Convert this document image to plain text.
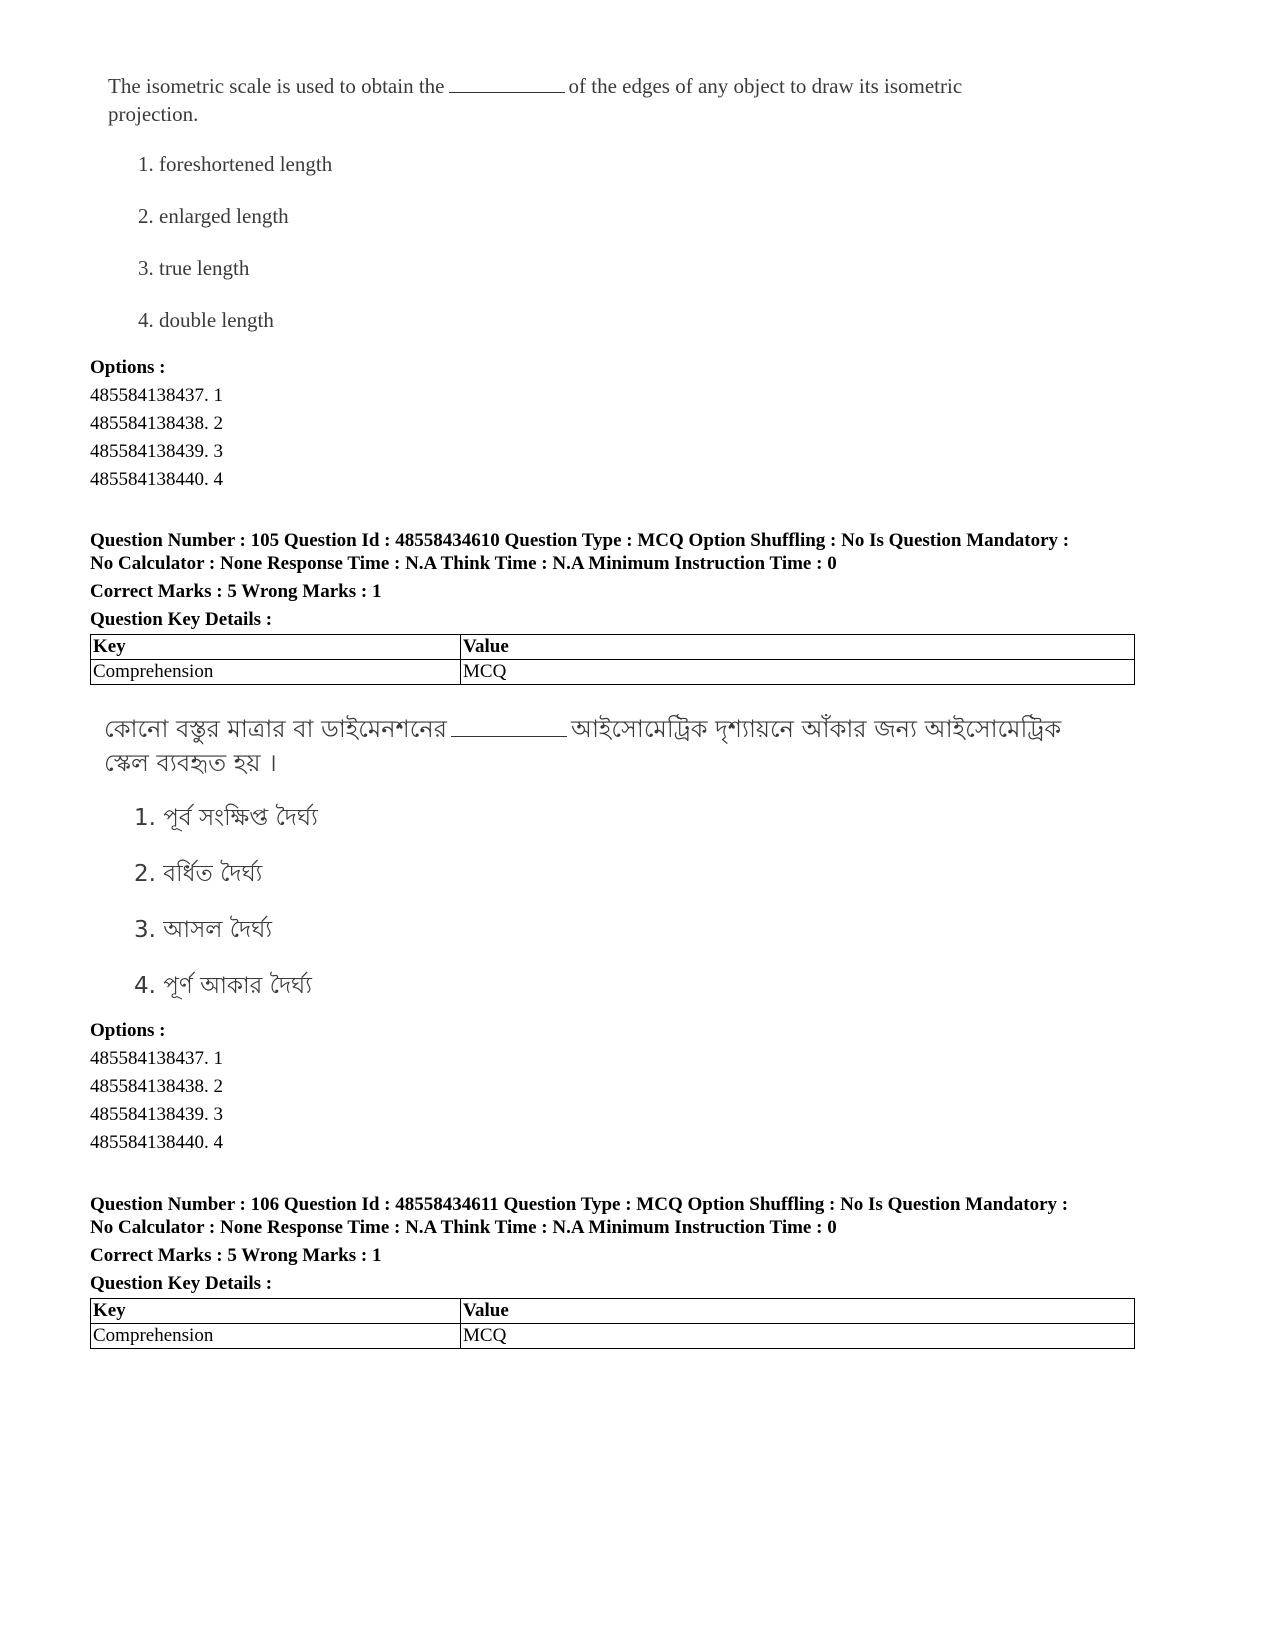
The isometric scale is used to obtain the	of the edges of any object to draw its isometric
projection.
1. foreshortened length
2. enlarged length
3. true length
4. double length
Options :
485584138437. 1
485584138438. 2
485584138439. 3
485584138440. 4
Question Number : 105 Question Id : 48558434610 Question Type : MCQ Option Shuffling : No Is Question Mandatory :
No Calculator : None Response Time : N.A Think Time : N.A Minimum Instruction Time : 0
Correct Marks : 5 Wrong Marks : 1
Question Key Details :
Key	Value
Comprehension	MCQ
কোনো বস্তুর মাত্রার বা ডাইমেনশনের	আইসোমেট্রিক দৃশ্যায়নে আঁকার জন্য আইসোমেট্রিক
স্কেল ব্যবহৃত হয় ।
1. পূর্ব সংক্ষিপ্ত দৈর্ঘ্য
2. বর্ধিত দৈর্ঘ্য
3. আসল দৈর্ঘ্য
4. পূর্ণ আকার দৈর্ঘ্য
Options :
485584138437. 1
485584138438. 2
485584138439. 3
485584138440. 4
Question Number : 106 Question Id : 48558434611 Question Type : MCQ Option Shuffling : No Is Question Mandatory :
No Calculator : None Response Time : N.A Think Time : N.A Minimum Instruction Time : 0
Correct Marks : 5 Wrong Marks : 1
Question Key Details :
Key	Value
Comprehension	MCQ
